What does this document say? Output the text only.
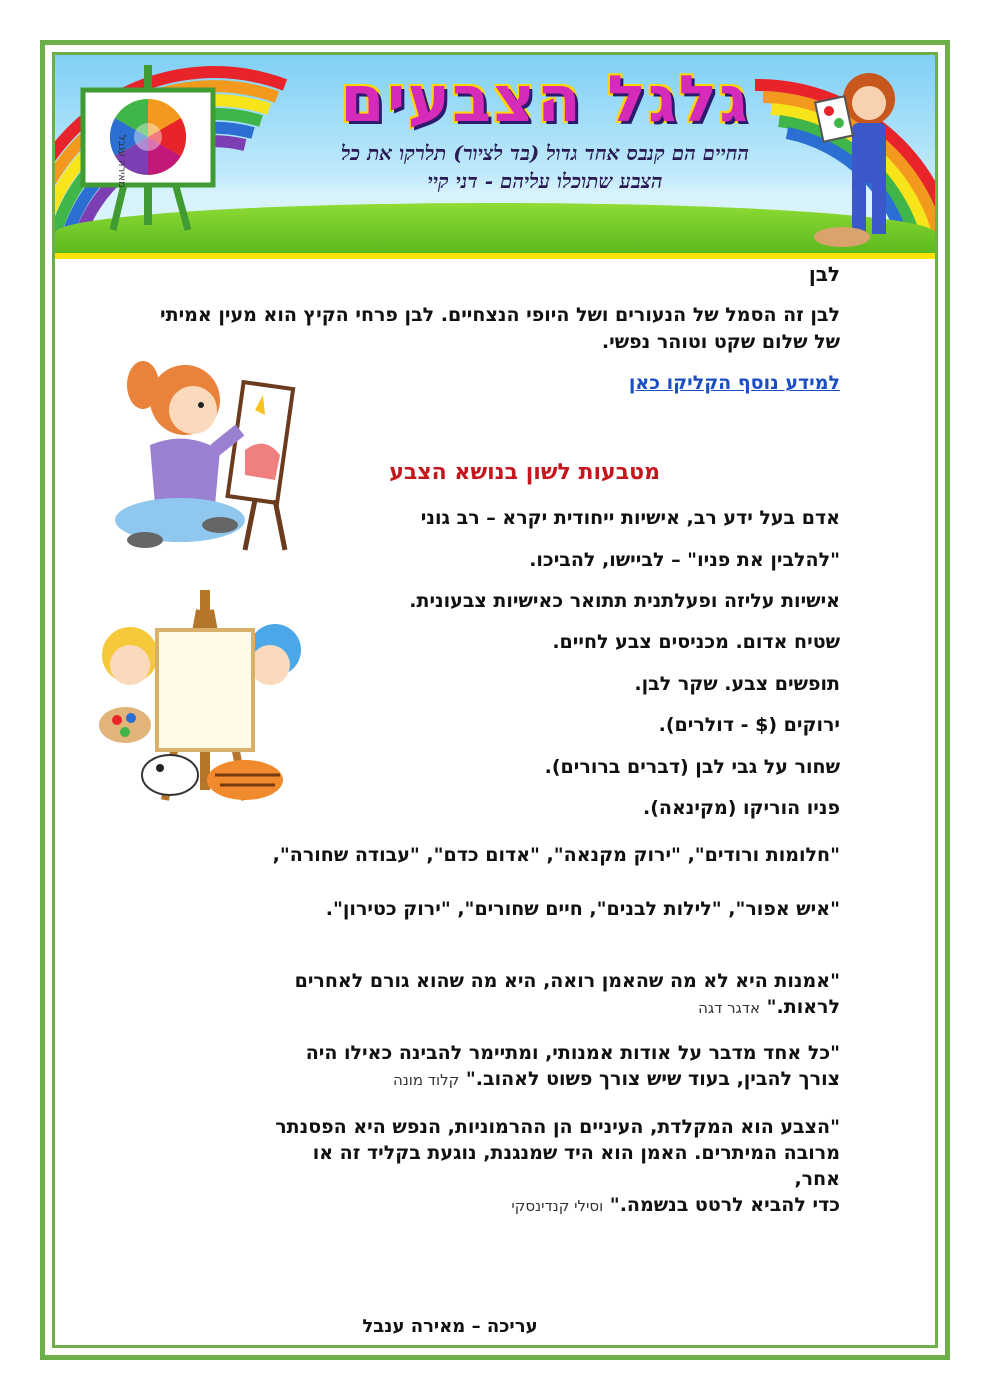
מאירה ענבל
גלגל הצבעים
החיים הם קנבס אחד גדול (בד לציור) תלרקו את כל
הצבע שתוכלו עליהם - דני קיי
לבן

לבן זה הסמל של הנעורים ושל היופי הנצחיים. לבן פרחי הקיץ הוא מעין אמיתי של שלום שקט וטוהר נפשי.

למידע נוסף הקליקו כאן
מטבעות לשון בנושא הצבע
אדם בעל ידע רב, אישיות ייחודית יקרא – רב גוני
"להלבין את פניו" – לביישו, להביכו.
אישיות עליזה ופעלתנית תתואר כאישיות צבעונית.
שטיח אדום. מכניסים צבע לחיים.
תופשים צבע. שקר לבן.
ירוקים ($ - דולרים).
שחור על גבי לבן (דברים ברורים).
פניו הוריקו (מקינאה).
"חלומות ורודים", "ירוק מקנאה", "אדום כדם", "עבודה שחורה",
"איש אפור", "לילות לבנים", חיים שחורים", "ירוק כטירון".
"אמנות היא לא מה שהאמן רואה, היא מה שהוא גורם לאחרים
לראות." אדגר דגה
"כל אחד מדבר על אודות אמנותי, ומתיימר להבינה כאילו היה
צורך להבין, בעוד שיש צורך פשוט לאהוב." קלוד מונה
"הצבע הוא המקלדת, העיניים הן ההרמוניות, הנפש היא הפסנתר
מרובה המיתרים. האמן הוא היד שמנגנת, נוגעת בקליד זה או
אחר,
כדי להביא לרטט בנשמה." וסילי קנדינסקי
עריכה – מאירה ענבל
